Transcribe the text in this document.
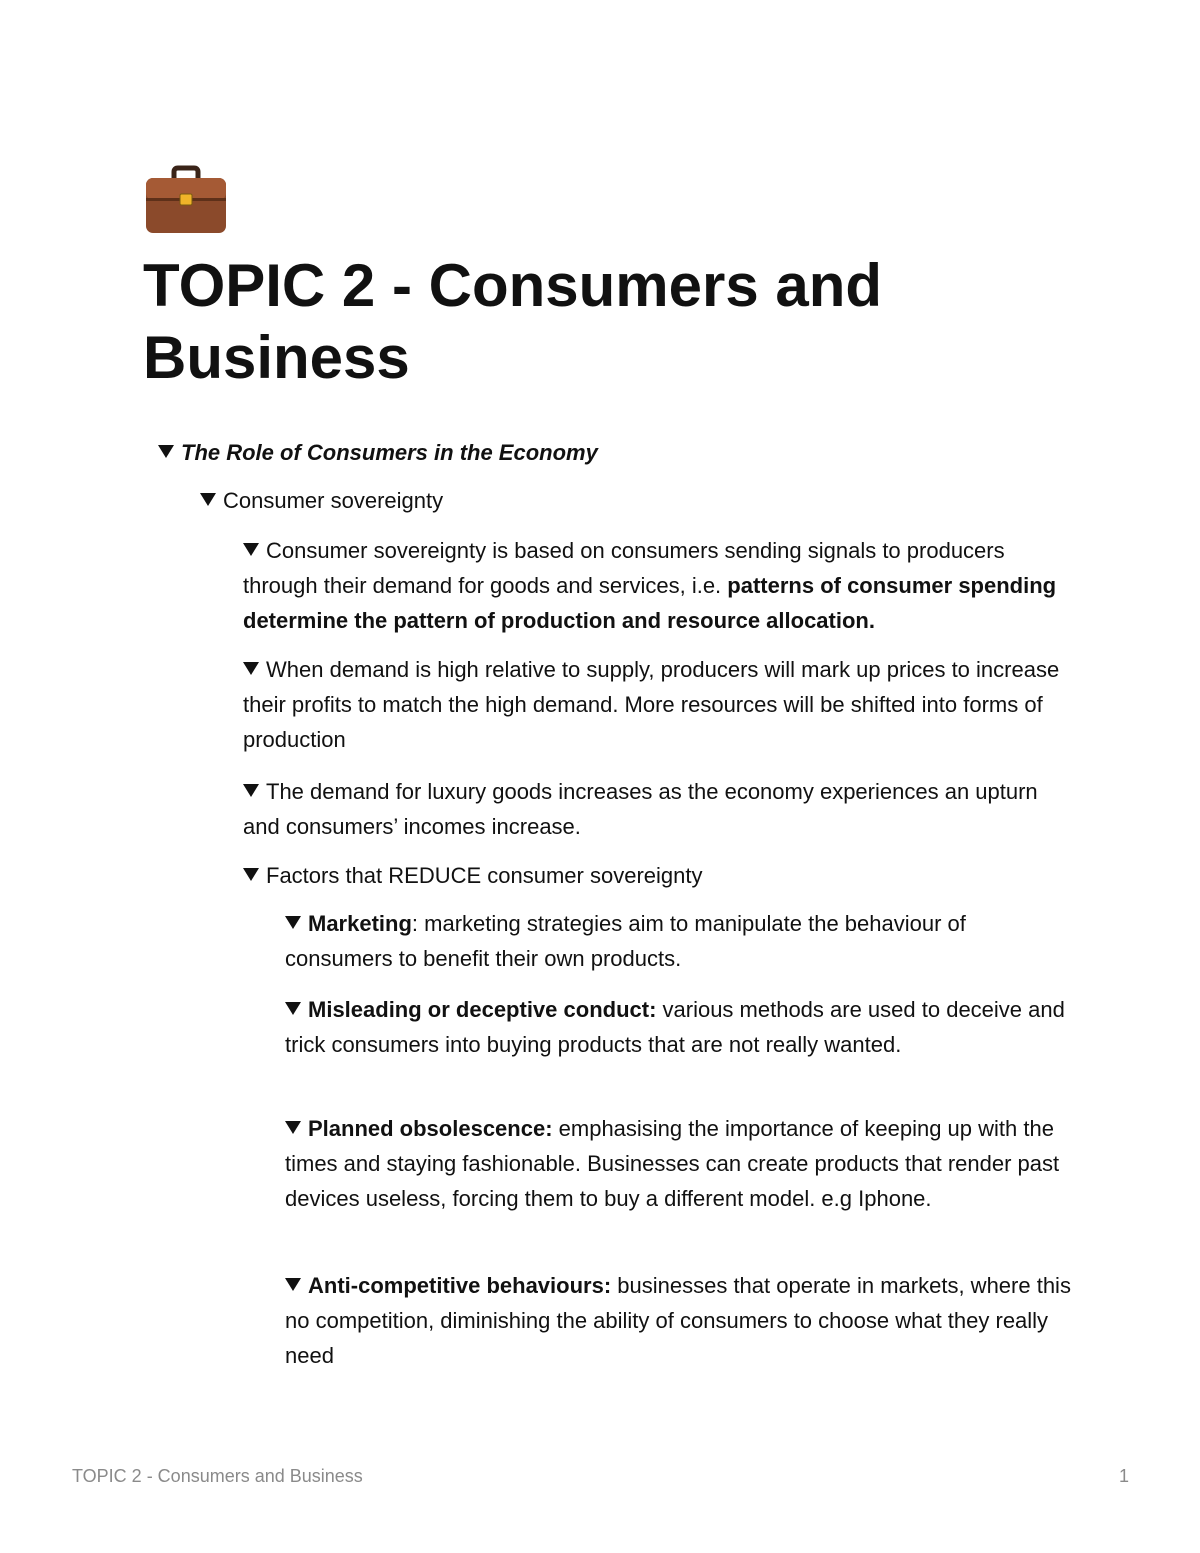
TOPIC 2 - Consumers and Business
The Role of Consumers in the Economy
Consumer sovereignty
Consumer sovereignty is based on consumers sending signals to producers through their demand for goods and services, i.e. patterns of consumer spending determine the pattern of production and resource allocation.
When demand is high relative to supply, producers will mark up prices to increase their profits to match the high demand. More resources will be shifted into forms of production
The demand for luxury goods increases as the economy experiences an upturn and consumers’ incomes increase.
Factors that REDUCE consumer sovereignty
Marketing: marketing strategies aim to manipulate the behaviour of consumers to benefit their own products.
Misleading or deceptive conduct: various methods are used to deceive and trick consumers into buying products that are not really wanted.
Planned obsolescence: emphasising the importance of keeping up with the times and staying fashionable. Businesses can create products that render past devices useless, forcing them to buy a different model. e.g Iphone.
Anti-competitive behaviours: businesses that operate in markets, where this no competition, diminishing the ability of consumers to choose what they really need
TOPIC 2 - Consumers and Business	1
